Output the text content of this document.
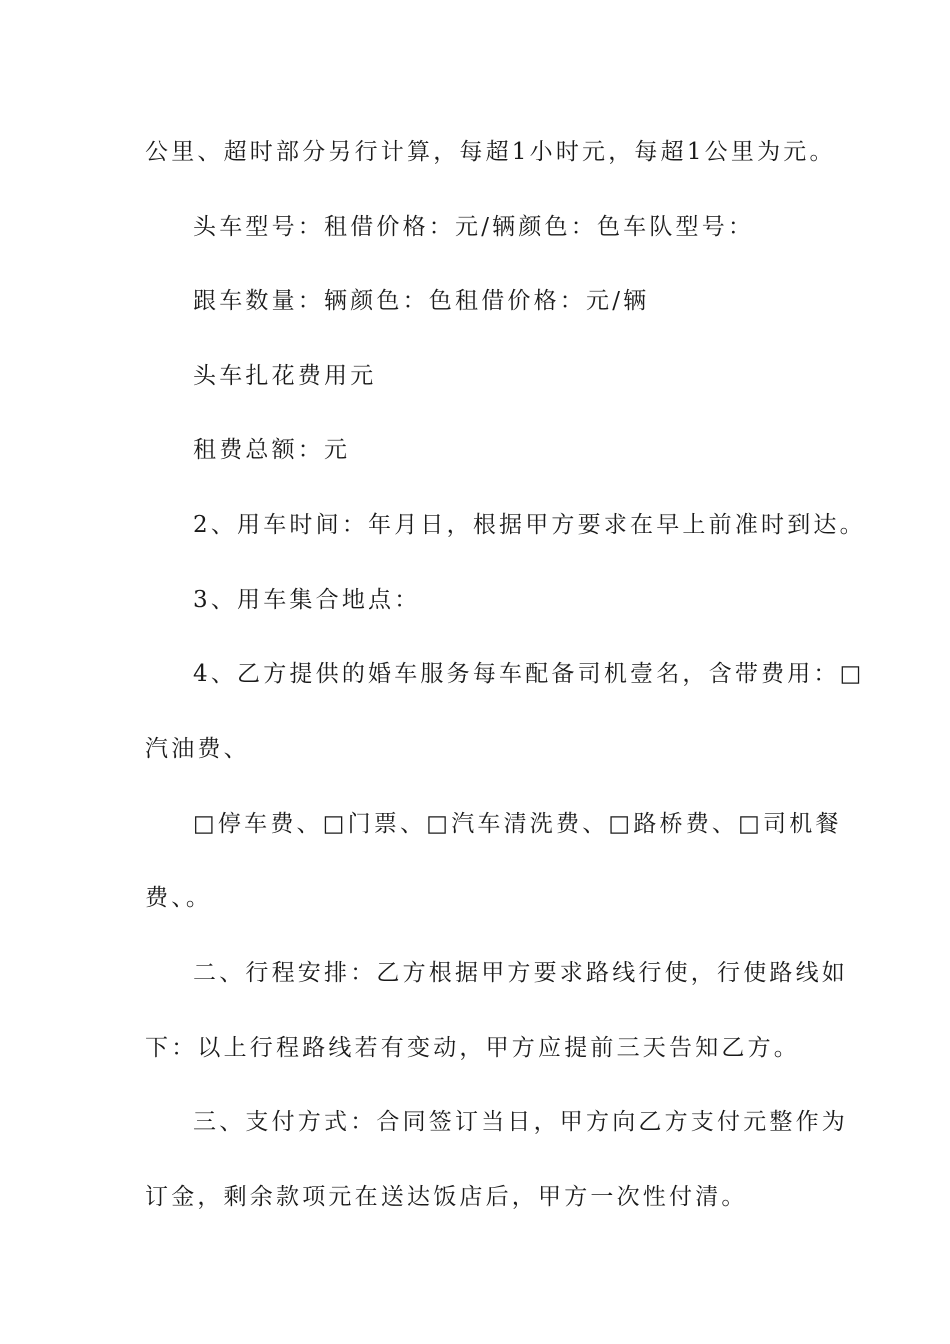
公里、超时部分另行计算，每超1小时元，每超1公里为元。
头车型号：租借价格：元/辆颜色：色车队型号：
跟车数量：辆颜色：色租借价格：元/辆
头车扎花费用元
租费总额：元
2、用车时间：年月日，根据甲方要求在早上前准时到达。
3、用车集合地点：
4、乙方提供的婚车服务每车配备司机壹名，含带费用：□
汽油费、
□停车费、□门票、□汽车清洗费、□路桥费、□司机餐
费、。
二、行程安排：乙方根据甲方要求路线行使，行使路线如
下：以上行程路线若有变动，甲方应提前三天告知乙方。
三、支付方式：合同签订当日，甲方向乙方支付元整作为
订金，剩余款项元在送达饭店后，甲方一次性付清。
